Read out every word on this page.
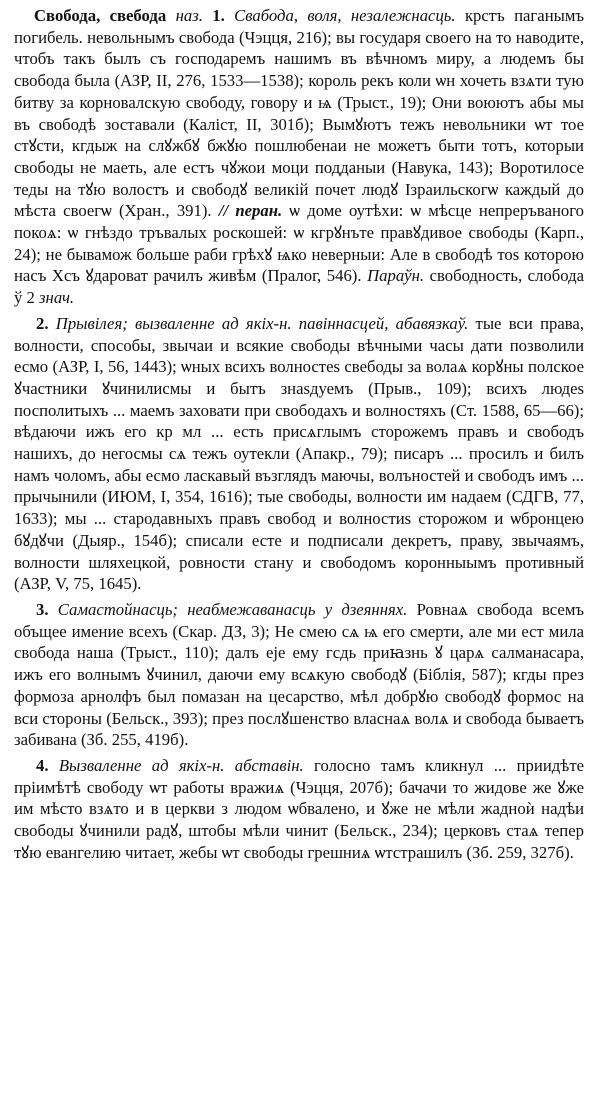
Свобода, свебода наз. 1. Свабода, воля, незалежнасць. крстъ паганымъ погибель. невольнымъ свобода (Чэцця, 216); вы государя своего на то наводите, чтобъ такъ былъ съ господаремъ нашимъ въ вѣчномъ миру, а людемъ бы свобода была (АЗР, II, 276, 1533—1538); король рекъ коли ѡн хочеть взѧти тую битву за корновалскую свободу, говору и ѩ (Трыст., 19); Они воюютъ абы мы въ свободѣ зоставали (Каліст, II, 301б); Вымꙋютъ тежъ невольники ѡт тое стꙋсти, кгдыж на слꙋжбꙋ бжꙋю пошлюбенаи не можетъ быти тотъ, которыи свободы не маеть, але естъ чꙋжои моци подданыи (Навука, 143); Воротилосе теды на тꙋю волостъ и свободꙋ великій почет людꙋ Ізраильскогѡ каждый до мѣста своегѡ (Хран., 391). // перан. ѡ доме оутѣхи: ѡ мѣсце непреръваного покоѧ: ѡ гнѣздо тръвалых роскошей: ѡ кгрꙋнъте правꙋдивое свободы (Карп., 24); не бывамож больше раби грѣхꙋ ѩко неверныи: Але в свободѣ тоѕ которою насъ Хсъ ꙋдароват рачилъ живѣм (Пралог, 546). Параўн. свободность, слобода ў 2 знач.

2. Прывілея; вызваленне ад якіх-н. павіннасцей, абавязкаў. тые вси права, волности, способы, звычаи и всякие свободы вѣчными часы дати позволили есмо (АЗР, I, 56, 1443); ѡных всихъ волностеѕ свебоды за волаѧ корꙋны полское ꙋчастники ꙋчинилисмы и бытъ знаѕдуемъ (Прыв., 109); всихъ людеѕ посполитыхъ ... маемъ заховати при свободахъ и волностяхъ (Ст. 1588, 65—66); вѣдаючи ижъ его кр мл ... есть присѧглымъ сторожемъ правъ и свободъ нашихъ, до негосмы сѧ тежъ оутекли (Апакр., 79); писаръ ... просилъ и билъ намъ чоломъ, абы есмо ласкавый възглядъ маючы, волъностей и свободъ имъ ... прычынили (ИЮМ, I, 354, 1616); тые свободы, волности им надаем (СДГВ, 77, 1633); мы ... стародавныхъ правъ свобод и волностиѕ сторожом и ѡбронцею бꙋдꙋчи (Дыяр., 154б); списали есте и подписали декретъ, праву, звычаямъ, волности шляхецкой, ровности стану и свободомъ коронныымъ противный (АЗР, V, 75, 1645).

3. Самастойнасць; неабмежаванасць у дзеяннях. Ровнаѧ свобода всемъ объщее имение всехъ (Скар. ДЗ, 3); Не смею сѧ ѩ его смерти, але ми ест мила свобода наша (Трыст., 110); далъ еје ему гсдь приꙗзнь ꙋ царѧ салманасара, ижъ его волнымъ ꙋчинил, даючи ему всѧкую свободꙋ (Біблія, 587); кгды през формоза арнолфъ был помазан на цесарство, мѣл добрꙋю свободꙋ формос на вси стороны (Бельск., 393); през послꙋшенство власнаѧ волѧ и свобода бываетъ забивана (Зб. 255, 419б).

4. Вызваленне ад якіх-н. абставін. голосно тамъ кликнул ... приидѣте пріимѣтѣ свободу ѡт работы вражиѧ (Чэцця, 207б); бачачи то жидове же ꙋже им мѣсто взѧто и в церкви з людом ѡбвалено, и ꙋже не мѣли жадноѝ надѣи свободы ꙋчинили радꙋ, штобы мѣли чинит (Бельск., 234); церковъ стаѧ тепер тꙋю евангелию читает, жебы ѡт свободы грешниѧ ѡтстрашилъ (Зб. 259, 327б).
